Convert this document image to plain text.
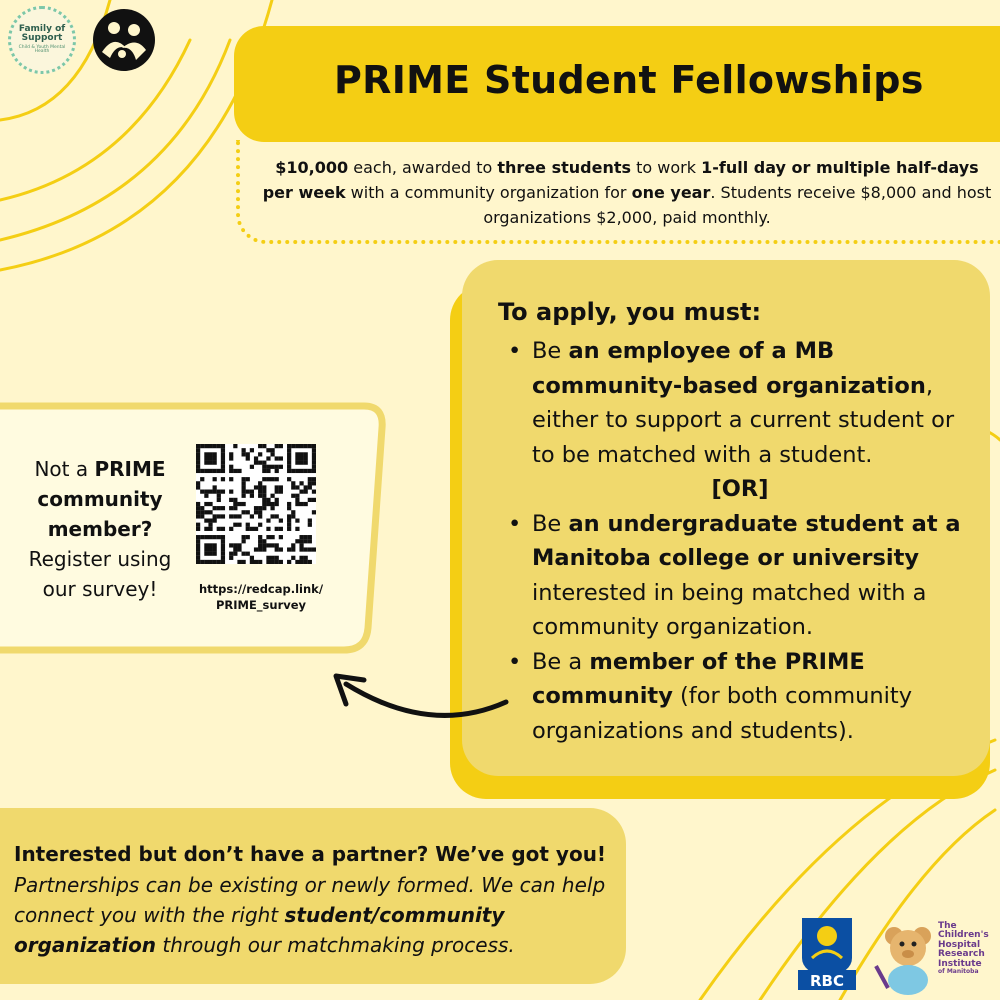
Family of
Support
Child & Youth Mental Health
PRIME Student Fellowships

$10,000 each, awarded to three students to work 1-full day or multiple half-days per week with a community organization for one year. Students receive $8,000 and host organizations $2,000, paid monthly.

To apply, you must:
• Be an employee of a MB community-based organization, either to support a current student or to be matched with a student.
[OR]
• Be an undergraduate student at a Manitoba college or university interested in being matched with a community organization.
• Be a member of the PRIME community (for both community organizations and students).

Not a PRIME community member? Register using our survey!	https://redcap.link/
PRIME_survey
Interested but don’t have a partner? We’ve got you!

Partnerships can be existing or newly formed. We can help connect you with the right student/community organization through our matchmaking process.

RBC
The
Children's
Hospital
Research
Institute
of Manitoba
